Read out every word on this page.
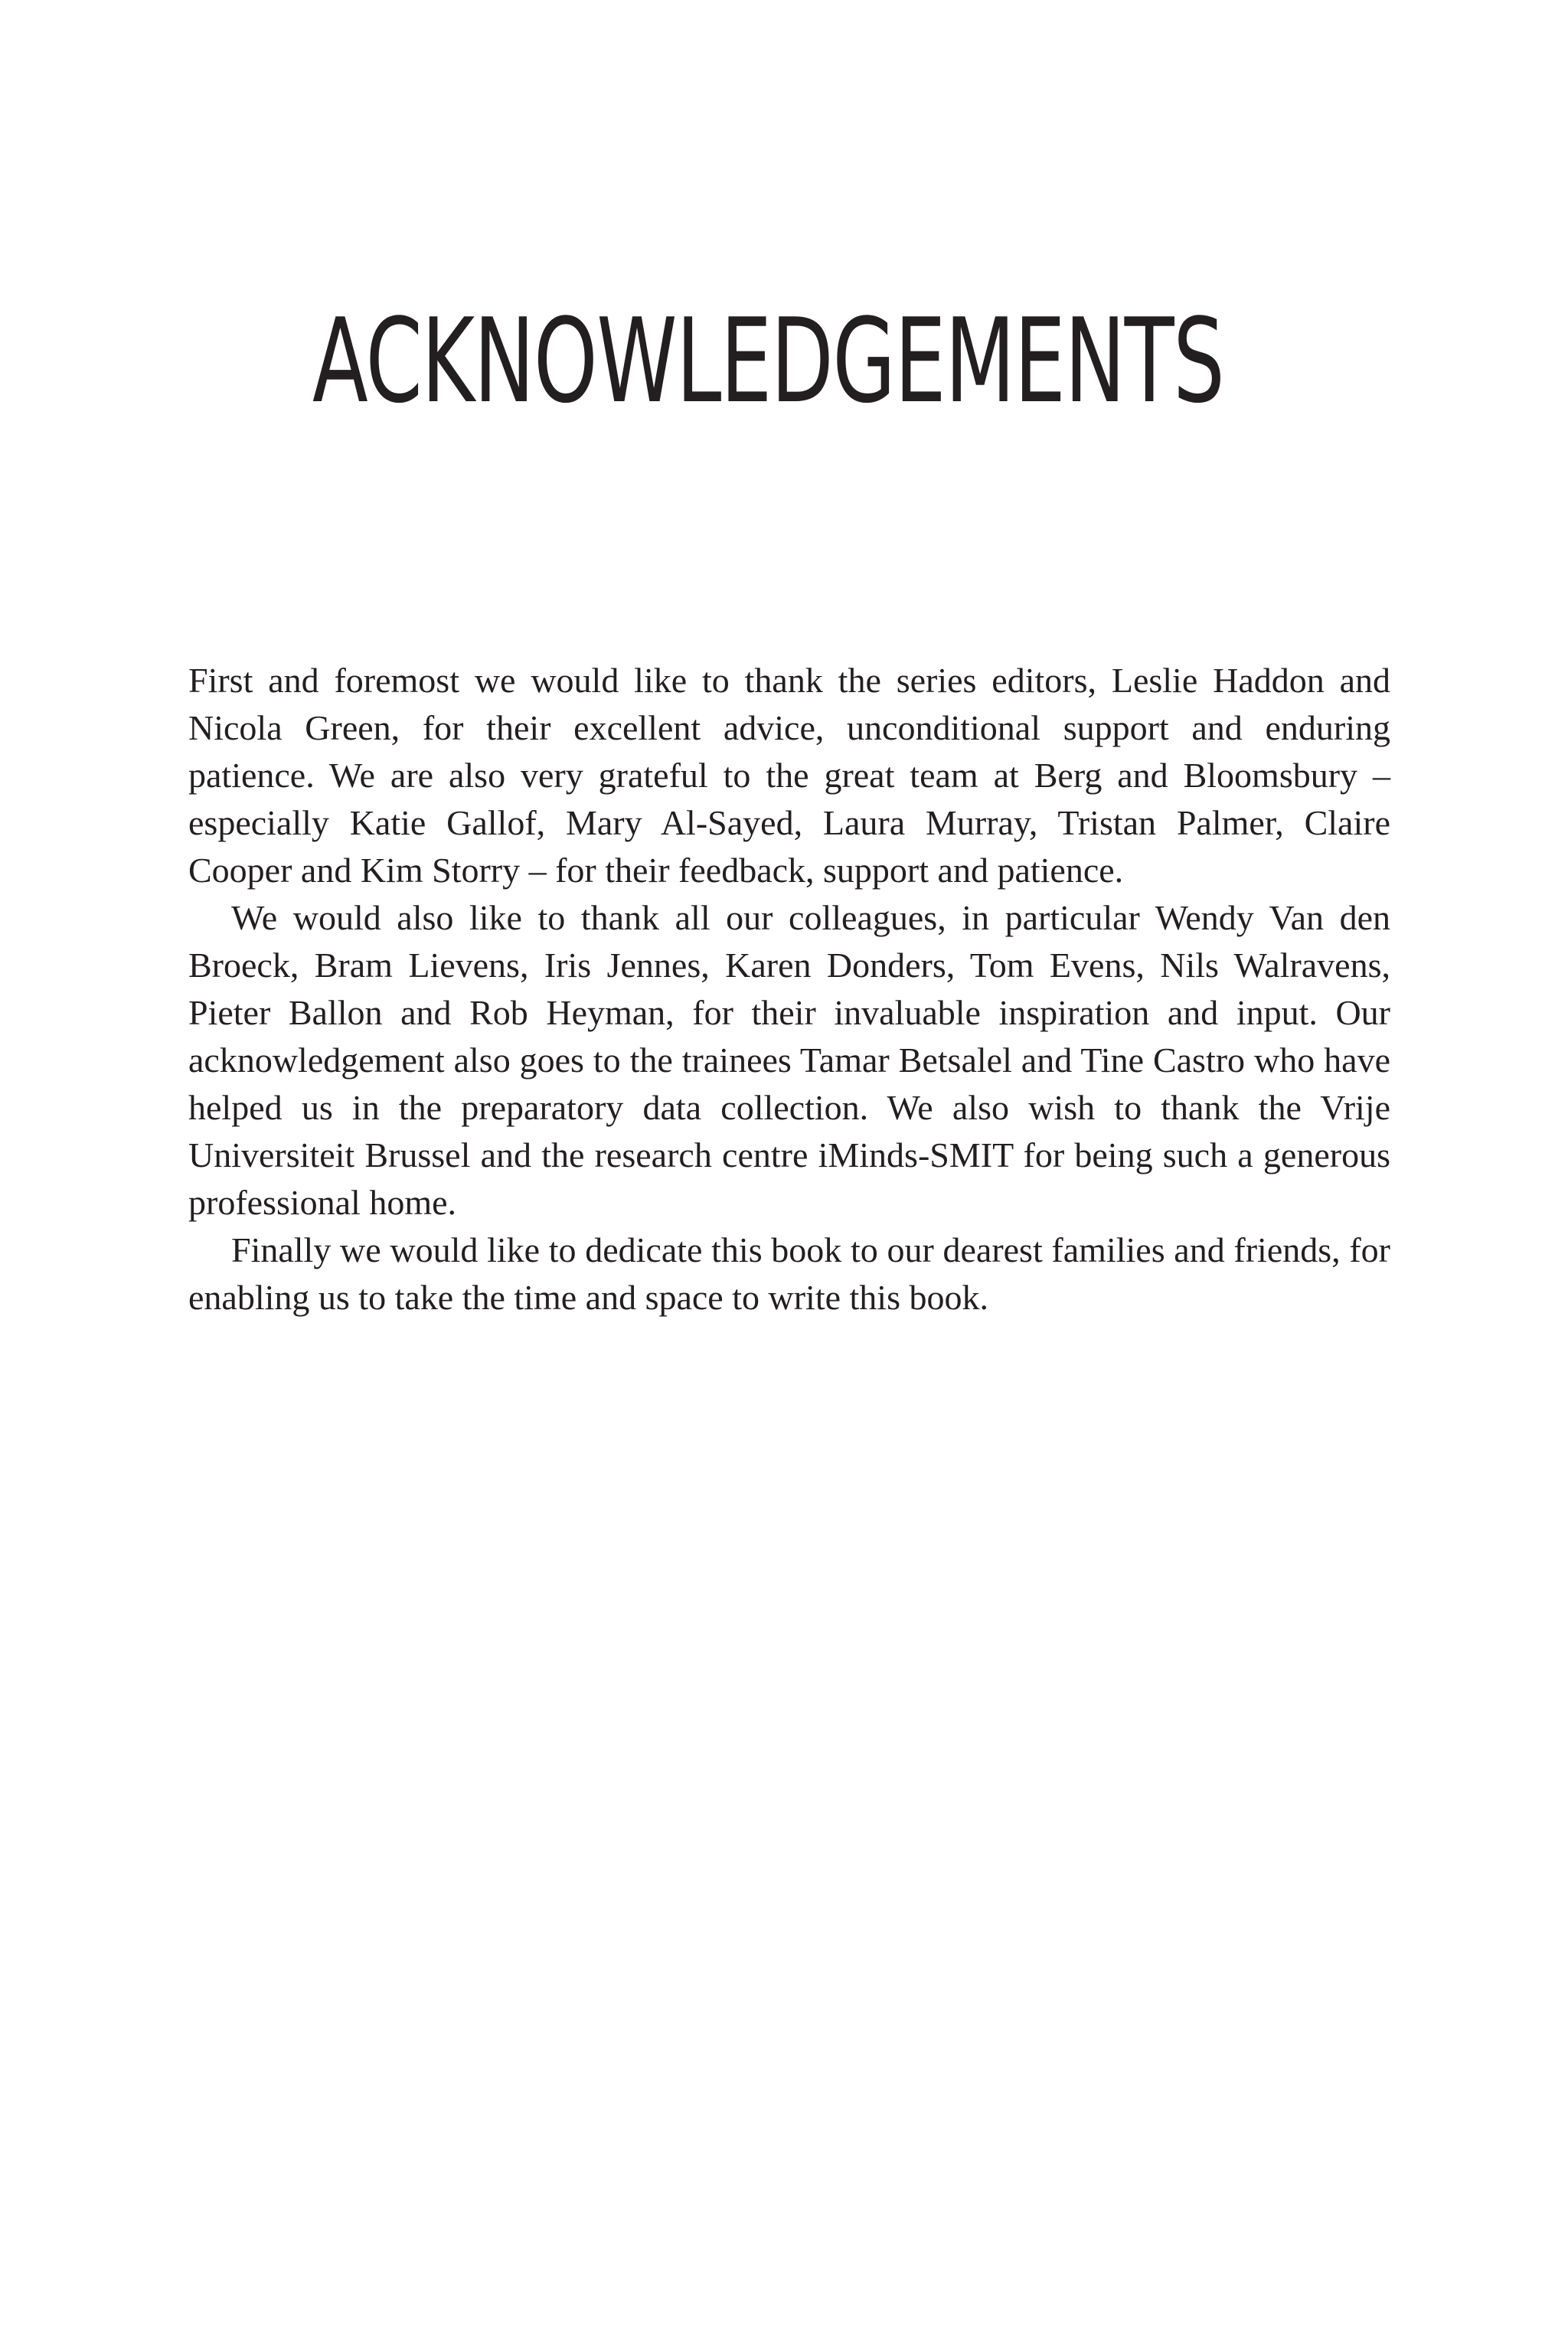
ACKNOWLEDGEMENTS

First and foremost we would like to thank the series editors, Leslie Haddon and Nicola Green, for their excellent advice, unconditional support and enduring patience. We are also very grateful to the great team at Berg and Bloomsbury – especially Katie Gallof, Mary Al-Sayed, Laura Murray, Tristan Palmer, Claire Cooper and Kim Storry – for their feedback, support and patience.

We would also like to thank all our colleagues, in particular Wendy Van den Broeck, Bram Lievens, Iris Jennes, Karen Donders, Tom Evens, Nils Walravens, Pieter Ballon and Rob Heyman, for their invaluable inspiration and input. Our acknowledgement also goes to the trainees Tamar Betsalel and Tine Castro who have helped us in the preparatory data collection. We also wish to thank the Vrije Universiteit Brussel and the research centre iMinds-SMIT for being such a generous professional home.

Finally we would like to dedicate this book to our dearest families and friends, for enabling us to take the time and space to write this book.
